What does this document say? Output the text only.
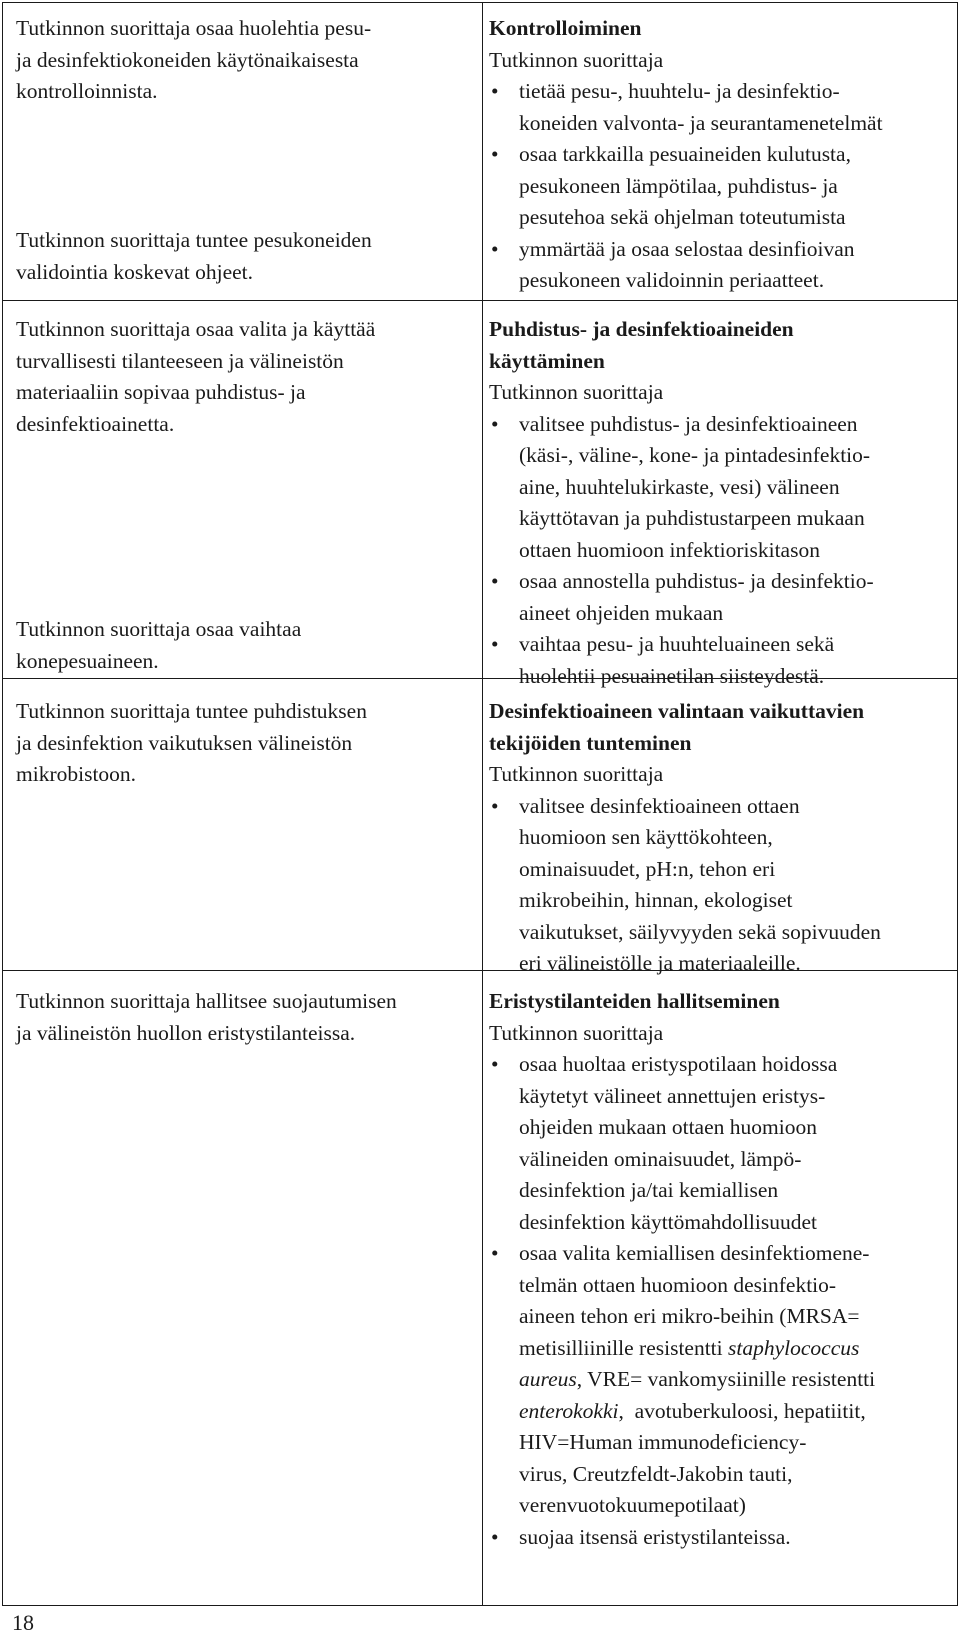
Tutkinnon suorittaja osaa huolehtia pesu-
ja desinfektiokoneiden käytönaikaisesta
kontrolloinnista.
Tutkinnon suorittaja tuntee pesukoneiden
validointia koskevat ohjeet.
Tutkinnon suorittaja osaa valita ja käyttää
turvallisesti tilanteeseen ja välineistön
materiaaliin sopivaa puhdistus- ja
desinfektioainetta.
Tutkinnon suorittaja osaa vaihtaa
konepesuaineen.
Tutkinnon suorittaja tuntee puhdistuksen
ja desinfektion vaikutuksen välineistön
mikrobistoon.
Tutkinnon suorittaja hallitsee suojautumisen
ja välineistön huollon eristystilanteissa.
Kontrolloiminen
Tutkinnon suorittaja
• tietää pesu-, huuhtelu- ja desinfektio-
koneiden valvonta- ja seurantamenetelmät
• osaa tarkkailla pesuaineiden kulutusta,
pesukoneen lämpötilaa, puhdistus- ja
pesutehoa sekä ohjelman toteutumista
• ymmärtää ja osaa selostaa desinfioivan
pesukoneen validoinnin periaatteet.
Puhdistus- ja desinfektioaineiden
käyttäminen
Tutkinnon suorittaja
• valitsee puhdistus- ja desinfektioaineen
(käsi-, väline-, kone- ja pintadesinfektio-
aine, huuhtelukirkaste, vesi) välineen
käyttötavan ja puhdistustarpeen mukaan
ottaen huomioon infektioriskitason
• osaa annostella puhdistus- ja desinfektio-
aineet ohjeiden mukaan
• vaihtaa pesu- ja huuhteluaineen sekä
huolehtii pesuainetilan siisteydestä.
Desinfektioaineen valintaan vaikuttavien
tekijöiden tunteminen
Tutkinnon suorittaja
• valitsee desinfektioaineen ottaen
huomioon sen käyttökohteen,
ominaisuudet, pH:n, tehon eri
mikrobeihin, hinnan, ekologiset
vaikutukset, säilyvyyden sekä sopivuuden
eri välineistölle ja materiaaleille.
Eristystilanteiden hallitseminen
Tutkinnon suorittaja
• osaa huoltaa eristyspotilaan hoidossa
käytetyt välineet annettujen eristys-
ohjeiden mukaan ottaen huomioon
välineiden ominaisuudet, lämpö-
desinfektion ja/tai kemiallisen
desinfektion käyttömahdollisuudet
• osaa valita kemiallisen desinfektiomene-
telmän ottaen huomioon desinfektio-
aineen tehon eri mikro-beihin (MRSA=
metisilliinille resistentti staphylococcus
aureus, VRE= vankomysiinille resistentti
enterokokki,  avotuberkuloosi, hepatiitit,
HIV=Human immunodeficiency-
virus, Creutzfeldt-Jakobin tauti,
verenvuotokuumepotilaat)
• suojaa itsensä eristystilanteissa.
18
